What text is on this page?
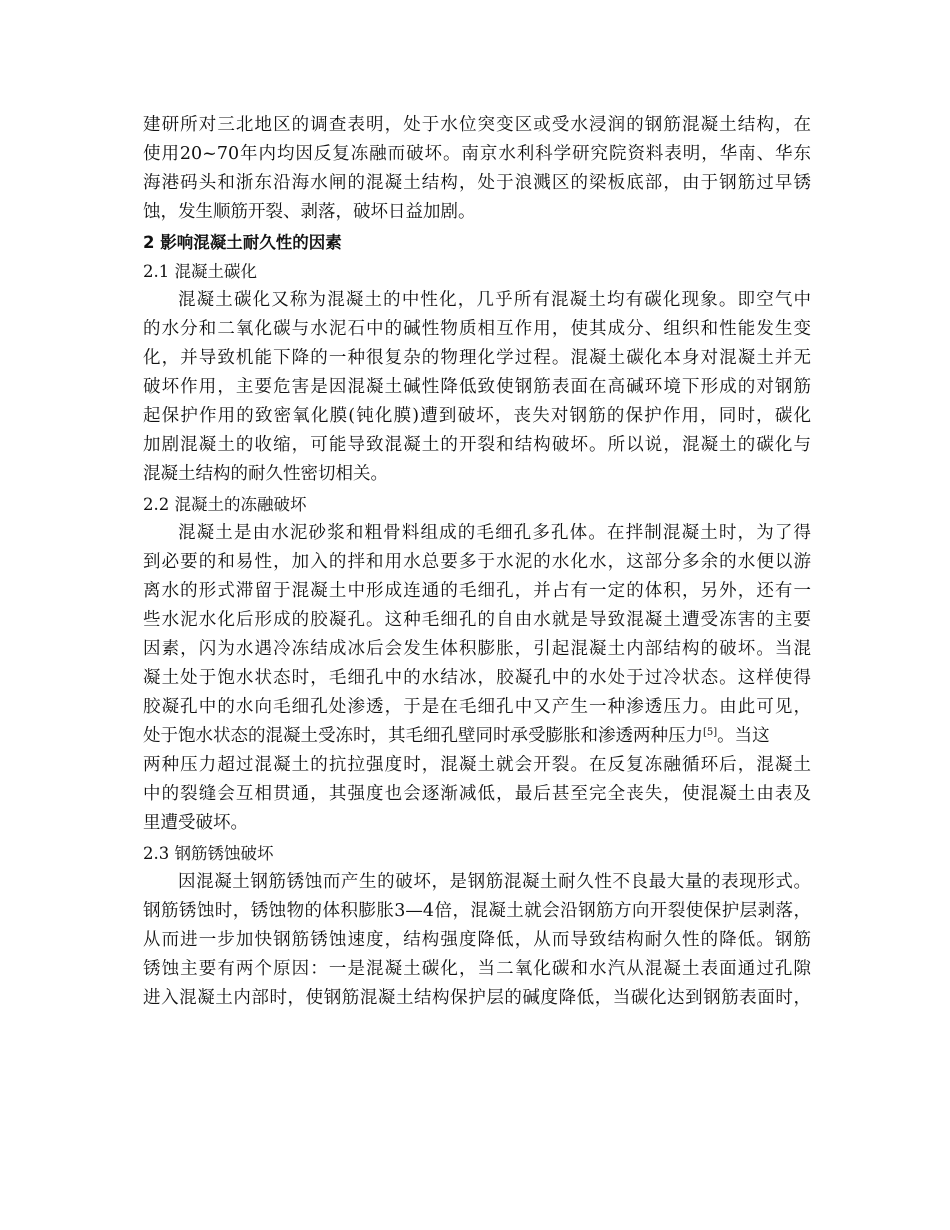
建研所对三北地区的调查表明，处于水位突变区或受水浸润的钢筋混凝土结构，在
使用20~70年内均因反复冻融而破坏。南京水利科学研究院资料表明，华南、华东
海港码头和浙东沿海水闸的混凝土结构，处于浪溅区的梁板底部，由于钢筋过早锈
蚀，发生顺筋开裂、剥落，破坏日益加剧。
2 影响混凝土耐久性的因素
2.1 混凝土碳化
混凝土碳化又称为混凝土的中性化，几乎所有混凝土均有碳化现象。即空气中
的水分和二氧化碳与水泥石中的碱性物质相互作用，使其成分、组织和性能发生变
化，并导致机能下降的一种很复杂的物理化学过程。混凝土碳化本身对混凝土并无
破坏作用，主要危害是因混凝土碱性降低致使钢筋表面在高碱环境下形成的对钢筋
起保护作用的致密氧化膜(钝化膜)遭到破坏，丧失对钢筋的保护作用，同时，碳化
加剧混凝土的收缩，可能导致混凝土的开裂和结构破坏。所以说，混凝土的碳化与
混凝土结构的耐久性密切相关。
2.2 混凝土的冻融破坏
混凝土是由水泥砂浆和粗骨料组成的毛细孔多孔体。在拌制混凝土时，为了得
到必要的和易性，加入的拌和用水总要多于水泥的水化水，这部分多余的水便以游
离水的形式滞留于混凝土中形成连通的毛细孔，并占有一定的体积，另外，还有一
些水泥水化后形成的胶凝孔。这种毛细孔的自由水就是导致混凝土遭受冻害的主要
因素，闪为水遇冷冻结成冰后会发生体积膨胀，引起混凝土内部结构的破坏。当混
凝土处于饱水状态时，毛细孔中的水结冰，胶凝孔中的水处于过冷状态。这样使得
胶凝孔中的水向毛细孔处渗透，于是在毛细孔中又产生一种渗透压力。由此可见，
处于饱水状态的混凝土受冻时，其毛细孔壁同时承受膨胀和渗透两种压力[5]。当这
两种压力超过混凝土的抗拉强度时，混凝土就会开裂。在反复冻融循环后，混凝土
中的裂缝会互相贯通，其强度也会逐渐减低，最后甚至完全丧失，使混凝土由表及
里遭受破坏。
2.3 钢筋锈蚀破坏
因混凝土钢筋锈蚀而产生的破坏，是钢筋混凝土耐久性不良最大量的表现形式。
钢筋锈蚀时，锈蚀物的体积膨胀3—4倍，混凝土就会沿钢筋方向开裂使保护层剥落，
从而进一步加快钢筋锈蚀速度，结构强度降低，从而导致结构耐久性的降低。钢筋
锈蚀主要有两个原因：一是混凝土碳化，当二氧化碳和水汽从混凝土表面通过孔隙
进入混凝土内部时，使钢筋混凝土结构保护层的碱度降低，当碳化达到钢筋表面时，
